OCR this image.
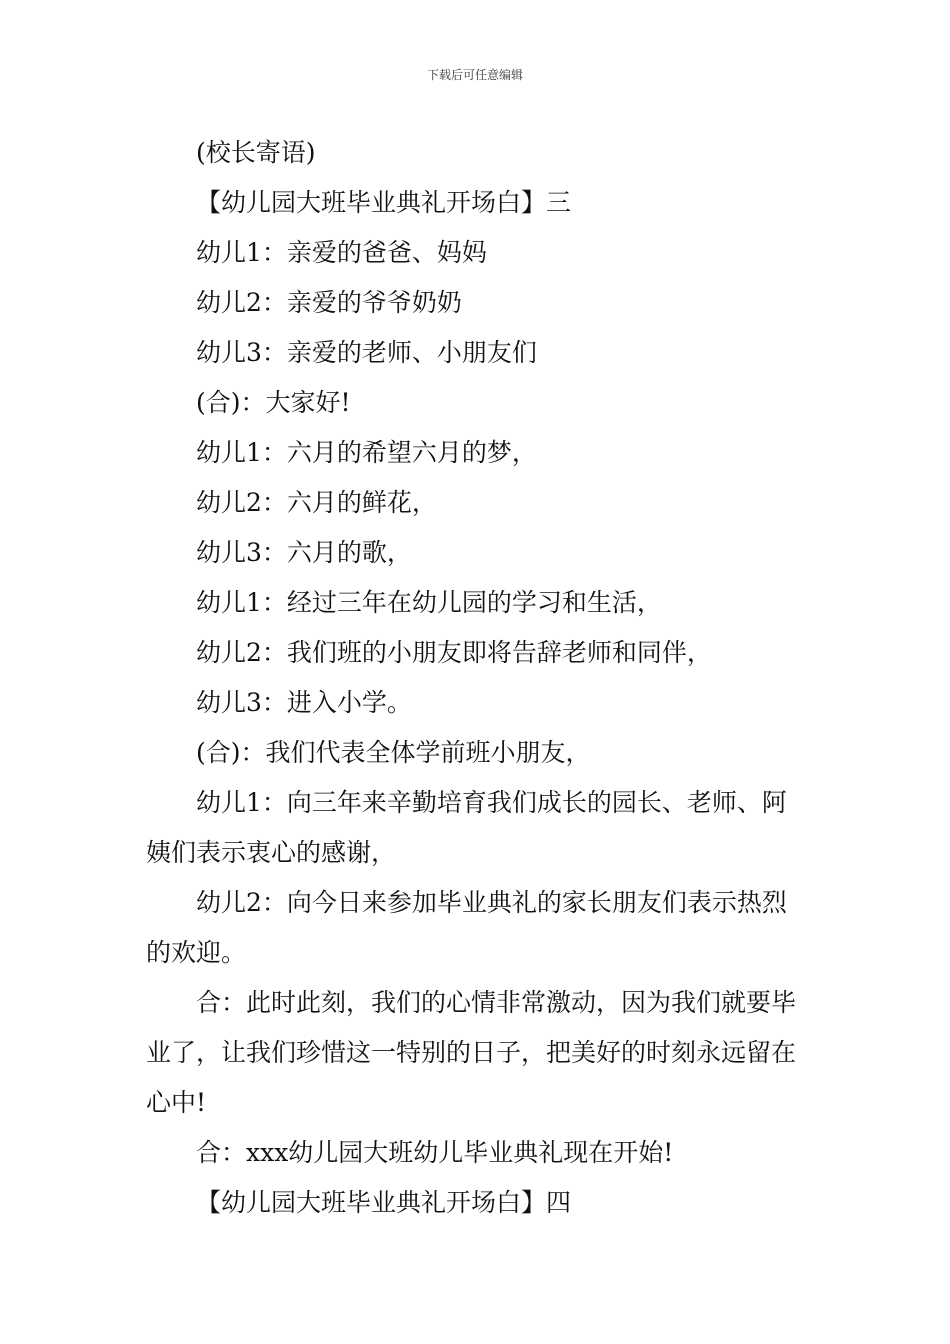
下载后可任意编辑

(校长寄语)

【幼儿园大班毕业典礼开场白】三

幼儿1：亲爱的爸爸、妈妈

幼儿2：亲爱的爷爷奶奶

幼儿3：亲爱的老师、小朋友们

(合)：大家好!

幼儿1：六月的希望六月的梦，

幼儿2：六月的鲜花，

幼儿3：六月的歌，

幼儿1：经过三年在幼儿园的学习和生活，

幼儿2：我们班的小朋友即将告辞老师和同伴，

幼儿3：进入小学。

(合)：我们代表全体学前班小朋友，

幼儿1：向三年来辛勤培育我们成长的园长、老师、阿姨们表示衷心的感谢，

幼儿2：向今日来参加毕业典礼的家长朋友们表示热烈的欢迎。

合：此时此刻，我们的心情非常激动，因为我们就要毕业了，让我们珍惜这一特别的日子，把美好的时刻永远留在心中!

合：xxx幼儿园大班幼儿毕业典礼现在开始!

【幼儿园大班毕业典礼开场白】四
